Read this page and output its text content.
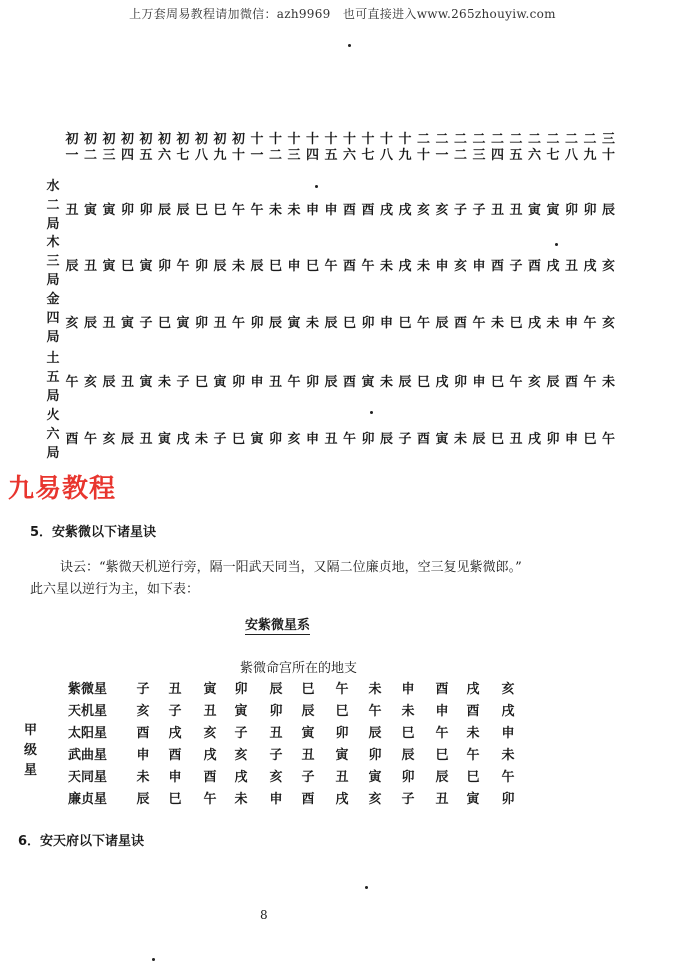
上万套周易教程请加微信：azh9969　也可直接进入www.265zhouyiw.com
初
一
初
二
初
三
初
四
初
五
初
六
初
七
初
八
初
九
初
十
十
一
十
二
十
三
十
四
十
五
十
六
十
七
十
八
十
九
二
十
二
一
二
二
二
三
二
四
二
五
二
六
二
七
二
八
二
九
三
十
水
二
局
丑 寅 寅 卯 卯 辰 辰 巳 巳 午 午 未 未 申 申 酉 酉 戌 戌 亥 亥 子 子 丑 丑 寅 寅 卯 卯 辰
木
三
局
辰 丑 寅 巳 寅 卯 午 卯 辰 未 辰 巳 申 巳 午 酉 午 未 戌 未 申 亥 申 酉 子 酉 戌 丑 戌 亥
金
四
局
亥 辰 丑 寅 子 巳 寅 卯 丑 午 卯 辰 寅 未 辰 巳 卯 申 巳 午 辰 酉 午 未 巳 戌 未 申 午 亥
土
五
局
午 亥 辰 丑 寅 未 子 巳 寅 卯 申 丑 午 卯 辰 酉 寅 未 辰 巳 戌 卯 申 巳 午 亥 辰 酉 午 未
火
六
局
酉 午 亥 辰 丑 寅 戌 未 子 巳 寅 卯 亥 申 丑 午 卯 辰 子 酉 寅 未 辰 巳 丑 戌 卯 申 巳 午
九易教程
5．安紫微以下诸星诀
诀云：“紫微天机逆行旁，隔一阳武天同当，又隔二位廉贞地，空三复见紫微郎。”
此六星以逆行为主，如下表：
安紫微星系
紫微命宫所在的地支
甲
级
星
紫微星 子 丑 寅 卯 辰 巳 午 未 申 酉 戌 亥
天机星 亥 子 丑 寅 卯 辰 巳 午 未 申 酉 戌
太阳星 酉 戌 亥 子 丑 寅 卯 辰 巳 午 未 申
武曲星 申 酉 戌 亥 子 丑 寅 卯 辰 巳 午 未
天同星 未 申 酉 戌 亥 子 丑 寅 卯 辰 巳 午
廉贞星 辰 巳 午 未 申 酉 戌 亥 子 丑 寅 卯
6．安天府以下诸星诀
8
